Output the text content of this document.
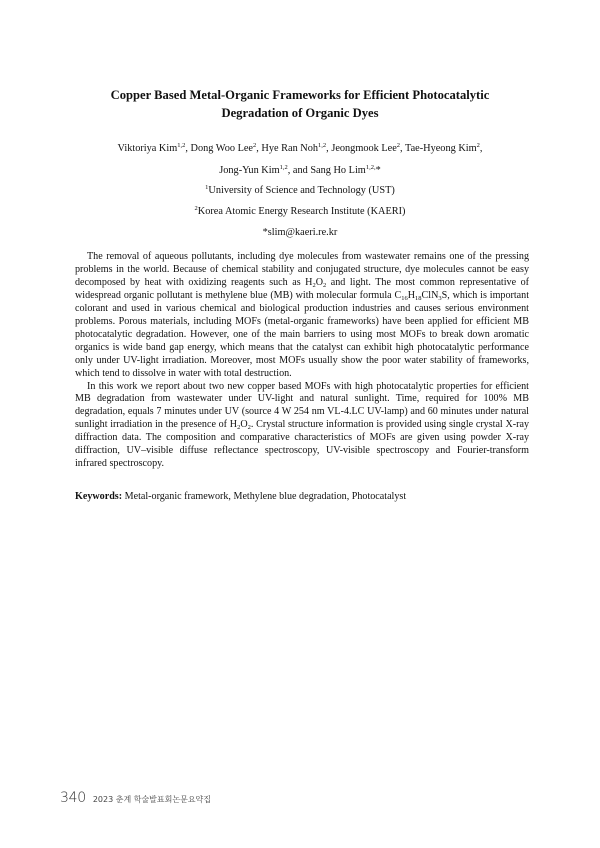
Copper Based Metal-Organic Frameworks for Efficient Photocatalytic
Degradation of Organic Dyes
Viktoriya Kim$^{1,2}$, Dong Woo Lee$^2$, Hye Ran Noh$^{1,2}$, Jeongmook Lee$^2$, Tae-Hyeong Kim$^2$,
Jong-Yun Kim$^{1,2}$, and Sang Ho Lim$^{1,2,}$*
$^1$University of Science and Technology (UST)
$^2$Korea Atomic Energy Research Institute (KAERI)
*slim@kaeri.re.kr

The removal of aqueous pollutants, including dye molecules from wastewater remains one of the pressing problems in the world. Because of chemical stability and conjugated structure, dye molecules cannot be easy decomposed by heat with oxidizing reagents such as $H_2O_2$ and light. The most common representative of widespread organic pollutant is methylene blue (MB) with molecular formula $C_{16}H_{18}ClN_3S$, which is important colorant and used in various chemical and biological production industries and causes serious environment problems. Porous materials, including MOFs (metal-organic frameworks) have been applied for efficient MB photocatalytic degradation. However, one of the main barriers to using most MOFs to break down aromatic organics is wide band gap energy, which means that the catalyst can exhibit high photocatalytic performance only under UV-light irradiation. Moreover, most MOFs usually show the poor water stability of frameworks, which tend to dissolve in water with total destruction.

In this work we report about two new copper based MOFs with high photocatalytic properties for efficient MB degradation from wastewater under UV-light and natural sunlight. Time, required for 100% MB degradation, equals 7 minutes under UV (source 4 W 254 nm VL-4.LC UV-lamp) and 60 minutes under natural sunlight irradiation in the presence of $H_2O_2$. Crystal structure information is provided using single crystal X-ray diffraction data. The composition and comparative characteristics of MOFs are given using powder X-ray diffraction, UV–visible diffuse reflectance spectroscopy, UV-visible spectroscopy and Fourier-transform infrared spectroscopy.

Keywords: Metal-organic framework, Methylene blue degradation, Photocatalyst
340 2023 춘계 학술발표회논문요약집
